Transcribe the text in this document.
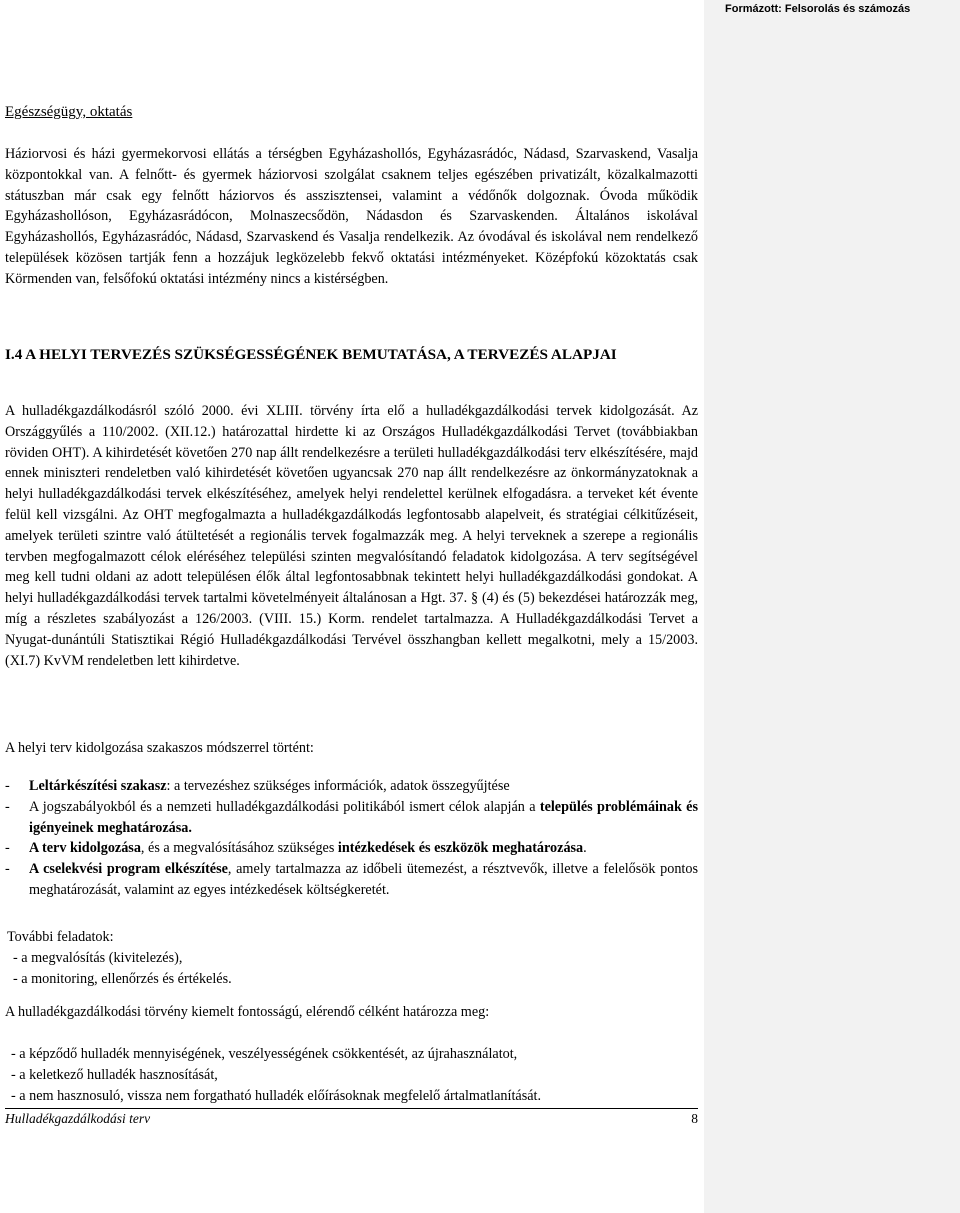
Formázott: Felsorolás és számozás
Egészségügy, oktatás

Háziorvosi és házi gyermekorvosi ellátás a térségben Egyházashollós, Egyházasrádóc, Nádasd, Szarvaskend, Vasalja központokkal van. A felnőtt- és gyermek háziorvosi szolgálat csaknem teljes egészében privatizált, közalkalmazotti státuszban már csak egy felnőtt háziorvos és asszisztensei, valamint a védőnők dolgoznak. Óvoda működik Egyházashollóson, Egyházasrádócon, Molnaszecsődön, Nádasdon és Szarvaskenden. Általános iskolával Egyházashollós, Egyházasrádóc, Nádasd, Szarvaskend és Vasalja rendelkezik. Az óvodával és iskolával nem rendelkező települések közösen tartják fenn a hozzájuk legközelebb fekvő oktatási intézményeket. Középfokú közoktatás csak Körmenden van, felsőfokú oktatási intézmény nincs a kistérségben.

I.4 A HELYI TERVEZÉS SZÜKSÉGESSÉGÉNEK BEMUTATÁSA, A TERVEZÉS ALAPJAI

A hulladékgazdálkodásról szóló 2000. évi XLIII. törvény írta elő a hulladékgazdálkodási tervek kidolgozását. Az Országgyűlés a 110/2002. (XII.12.) határozattal hirdette ki az Országos Hulladékgazdálkodási Tervet (továbbiakban röviden OHT). A kihirdetését követően 270 nap állt rendelkezésre a területi hulladékgazdálkodási terv elkészítésére, majd ennek miniszteri rendeletben való kihirdetését követően ugyancsak 270 nap állt rendelkezésre az önkormányzatoknak a helyi hulladékgazdálkodási tervek elkészítéséhez, amelyek helyi rendelettel kerülnek elfogadásra. a terveket két évente felül kell vizsgálni. Az OHT megfogalmazta a hulladékgazdálkodás legfontosabb alapelveit, és stratégiai célkitűzéseit, amelyek területi szintre való átültetését a regionális tervek fogalmazzák meg. A helyi terveknek a szerepe a regionális tervben megfogalmazott célok eléréséhez települési szinten megvalósítandó feladatok kidolgozása. A terv segítségével meg kell tudni oldani az adott településen élők által legfontosabbnak tekintett helyi hulladékgazdálkodási gondokat. A helyi hulladékgazdálkodási tervek tartalmi követelményeit általánosan a Hgt. 37. § (4) és (5) bekezdései határozzák meg, míg a részletes szabályozást a 126/2003. (VIII. 15.) Korm. rendelet tartalmazza. A Hulladékgazdálkodási Tervet a Nyugat-dunántúli Statisztikai Régió Hulladékgazdálkodási Tervével összhangban kellett megalkotni, mely a 15/2003. (XI.7) KvVM rendeletben lett kihirdetve.

A helyi terv kidolgozása szakaszos módszerrel történt:

-	Leltárkészítési szakasz: a tervezéshez szükséges információk, adatok összegyűjtése
-	A jogszabályokból és a nemzeti hulladékgazdálkodási politikából ismert célok alapján a település problémáinak és igényeinek meghatározása.
-	A terv kidolgozása, és a megvalósításához szükséges intézkedések és eszközök meghatározása.
-	A cselekvési program elkészítése, amely tartalmazza az időbeli ütemezést, a résztvevők, illetve a felelősök pontos meghatározását, valamint az egyes intézkedések költségkeretét.
További feladatok:
- a megvalósítás (kivitelezés),
- a monitoring, ellenőrzés és értékelés.

A hulladékgazdálkodási törvény kiemelt fontosságú, elérendő célként határozza meg:

- a képződő hulladék mennyiségének, veszélyességének csökkentését, az újrahasználatot,
- a keletkező hulladék hasznosítását,
- a nem hasznosuló, vissza nem forgatható hulladék előírásoknak megfelelő ártalmatlanítását.
Hulladékgazdálkodási terv	8
